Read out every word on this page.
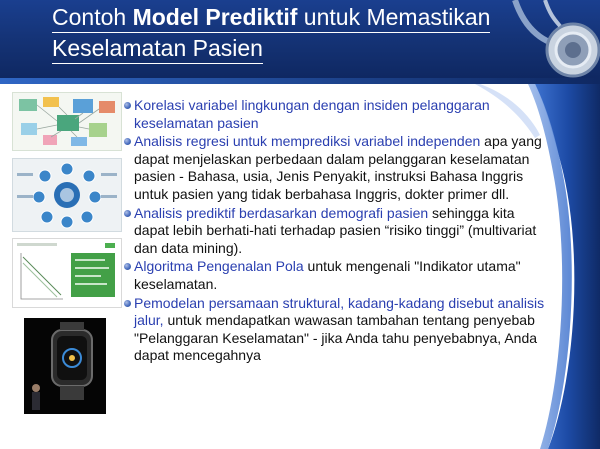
Contoh Model Prediktif untuk Memastikan
Keselamatan Pasien
Korelasi variabel lingkungan dengan insiden pelanggaran keselamatan pasien
Analisis regresi untuk memprediksi variabel independen apa yang dapat menjelaskan perbedaan dalam pelanggaran keselamatan pasien - Bahasa, usia, Jenis Penyakit, instruksi Bahasa Inggris untuk pasien yang tidak berbahasa Inggris, dokter primer dll.
Analisis prediktif berdasarkan demografi pasien sehingga kita dapat lebih berhati-hati terhadap pasien “risiko tinggi” (multivariat dan data mining).
Algoritma Pengenalan Pola untuk mengenali "Indikator utama" keselamatan.
Pemodelan persamaan struktural, kadang-kadang disebut analisis jalur, untuk mendapatkan wawasan tambahan tentang penyebab "Pelanggaran Keselamatan" - jika Anda tahu penyebabnya, Anda dapat mencegahnya
